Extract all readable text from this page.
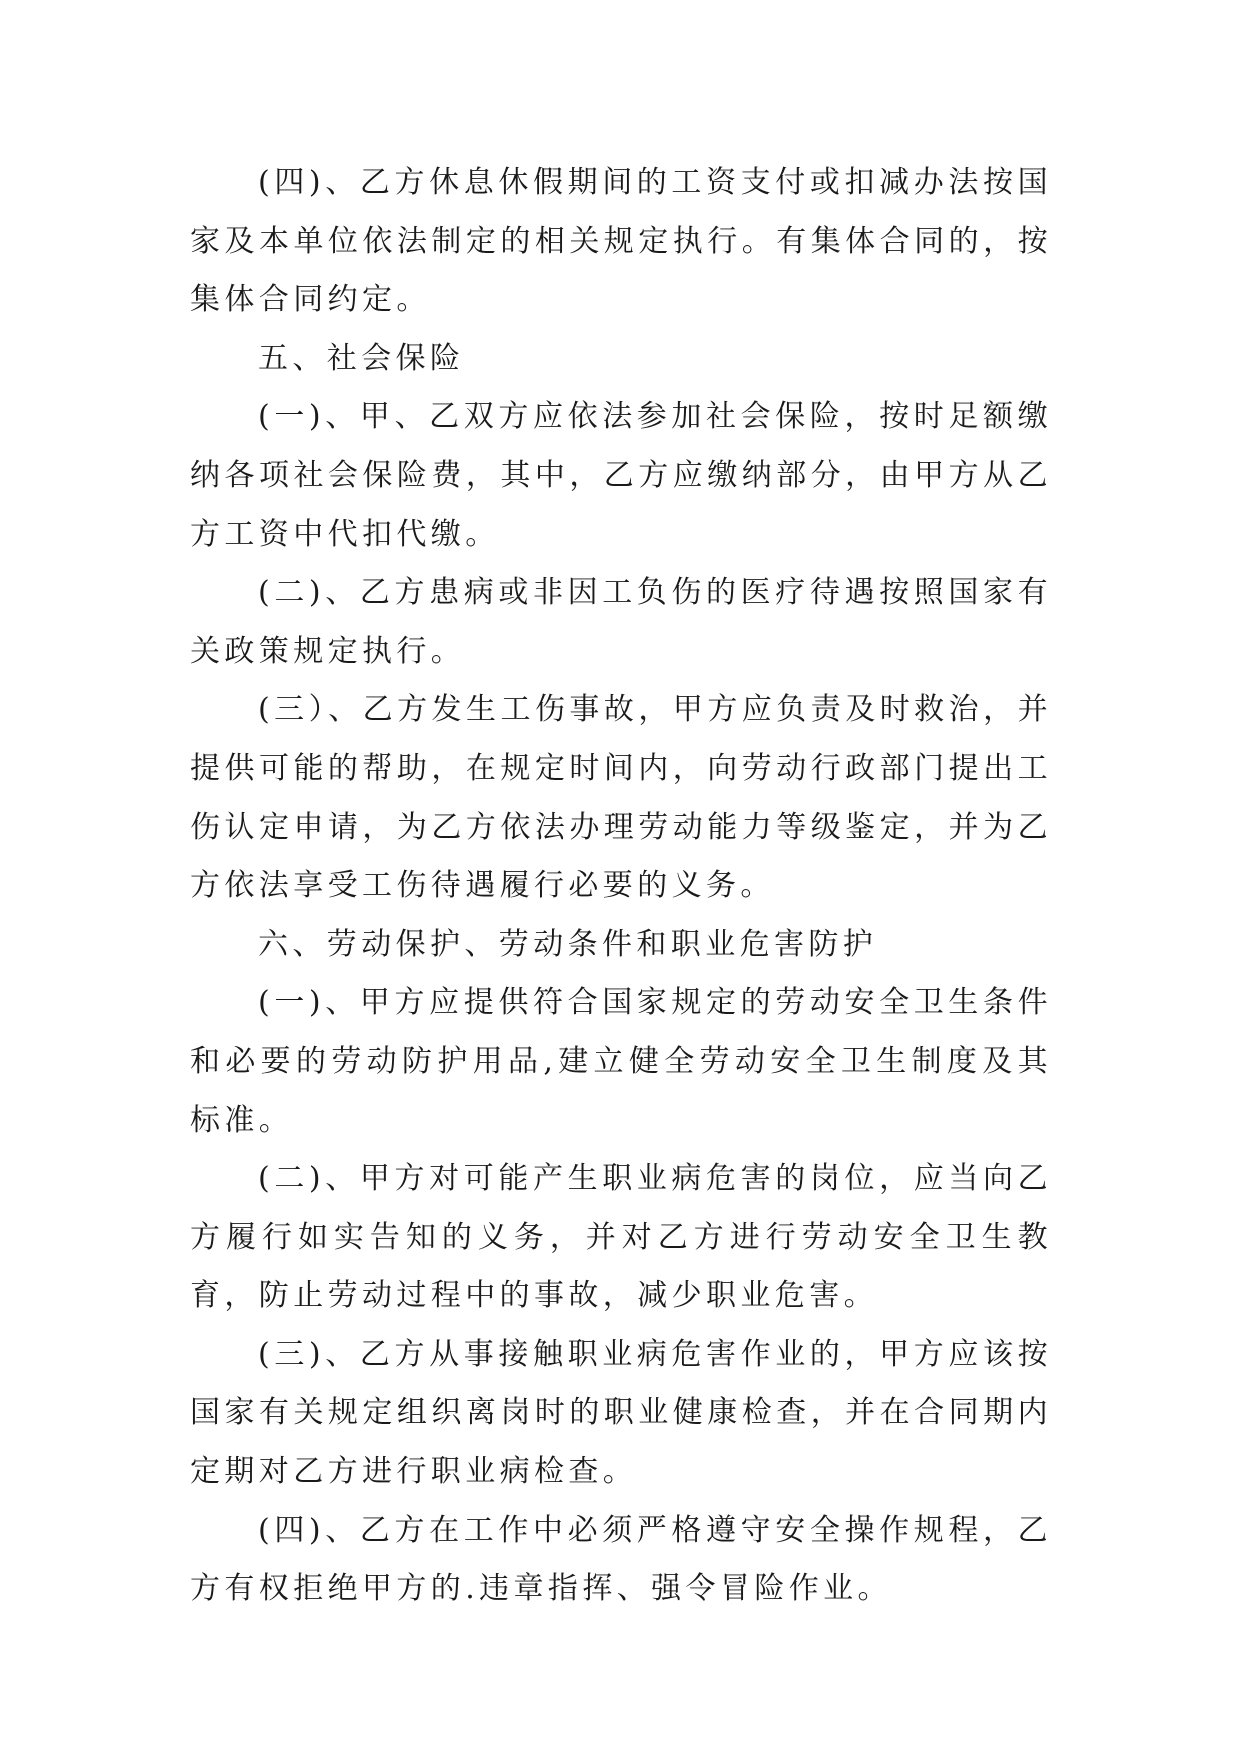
(四)、乙方休息休假期间的工资支付或扣减办法按国家及本单位依法制定的相关规定执行。有集体合同的，按集体合同约定。

五、社会保险

(一)、甲、乙双方应依法参加社会保险，按时足额缴纳各项社会保险费，其中，乙方应缴纳部分，由甲方从乙方工资中代扣代缴。

(二)、乙方患病或非因工负伤的医疗待遇按照国家有关政策规定执行。

(三）、乙方发生工伤事故，甲方应负责及时救治，并提供可能的帮助，在规定时间内，向劳动行政部门提出工伤认定申请，为乙方依法办理劳动能力等级鉴定，并为乙方依法享受工伤待遇履行必要的义务。

六、劳动保护、劳动条件和职业危害防护

(一)、甲方应提供符合国家规定的劳动安全卫生条件和必要的劳动防护用品,建立健全劳动安全卫生制度及其标准。

(二)、甲方对可能产生职业病危害的岗位，应当向乙方履行如实告知的义务，并对乙方进行劳动安全卫生教育，防止劳动过程中的事故，减少职业危害。

(三)、乙方从事接触职业病危害作业的，甲方应该按国家有关规定组织离岗时的职业健康检查，并在合同期内定期对乙方进行职业病检查。

(四)、乙方在工作中必须严格遵守安全操作规程，乙方有权拒绝甲方的.违章指挥、强令冒险作业。
